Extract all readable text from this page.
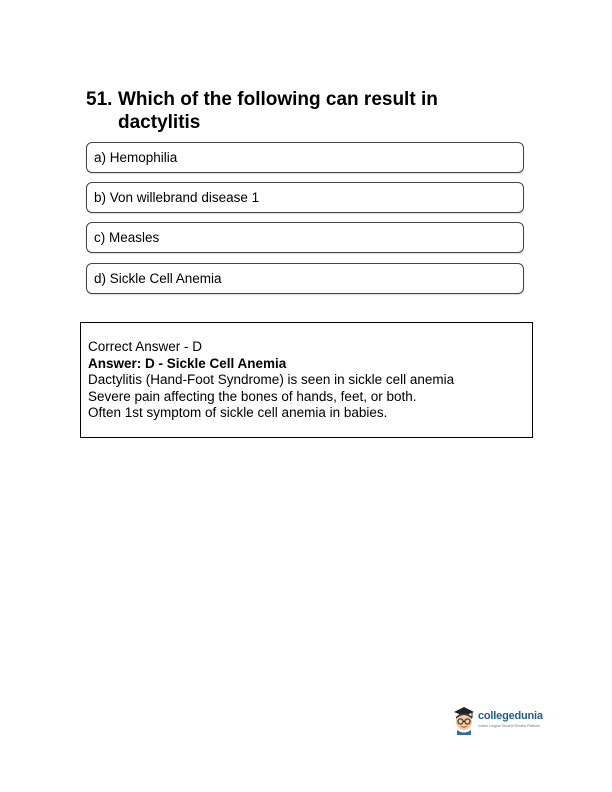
51. Which of the following can result in dactylitis
a) Hemophilia
b) Von willebrand disease 1
c) Measles
d) Sickle Cell Anemia
Correct Answer - D
Answer: D - Sickle Cell Anemia
Dactylitis (Hand-Foot Syndrome) is seen in sickle cell anemia
Severe pain affecting the bones of hands, feet, or both.
Often 1st symptom of sickle cell anemia in babies.
collegedunia
India's Largest Student Review Platform
